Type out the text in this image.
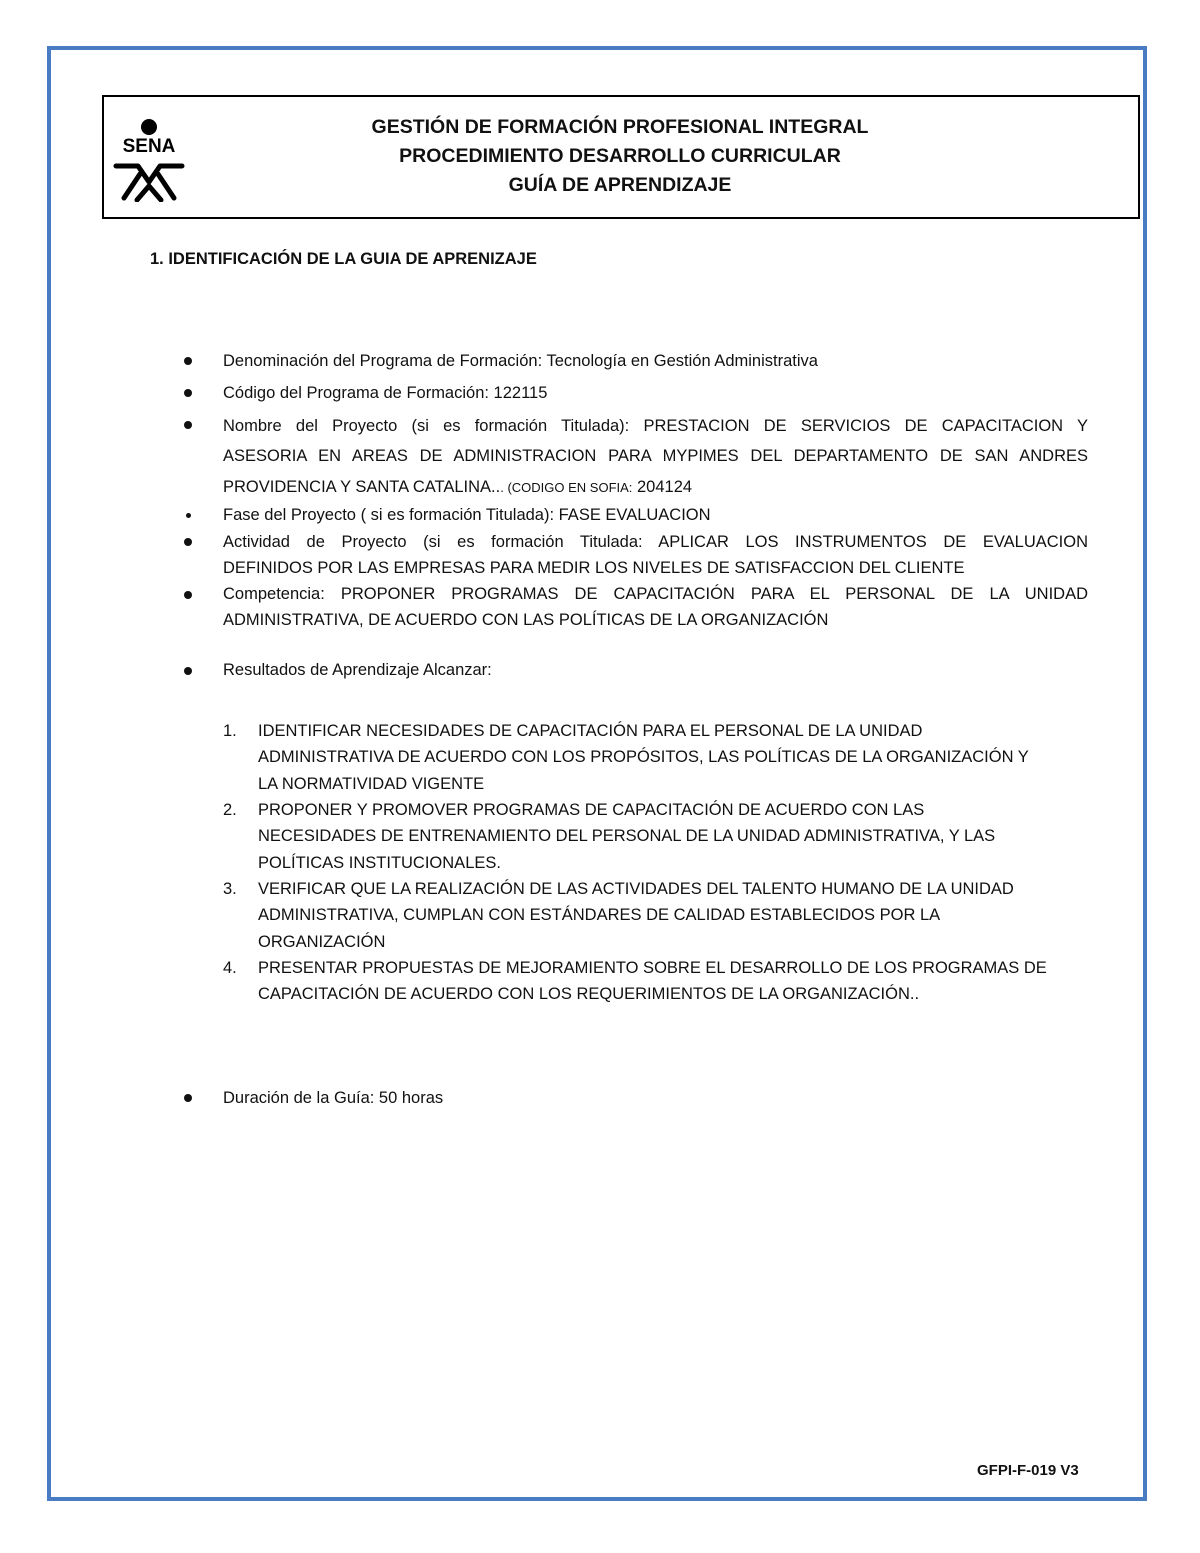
SENA
GESTIÓN DE FORMACIÓN PROFESIONAL INTEGRAL
PROCEDIMIENTO DESARROLLO CURRICULAR
GUÍA DE APRENDIZAJE
1. IDENTIFICACIÓN DE LA GUIA DE APRENIZAJE
Denominación del Programa de Formación: Tecnología en Gestión Administrativa
Código del Programa de Formación: 122115
Nombre del Proyecto (si es formación Titulada): PRESTACION DE SERVICIOS DE CAPACITACION Y
ASESORIA EN AREAS DE ADMINISTRACION PARA MYPIMES DEL DEPARTAMENTO DE SAN ANDRES
PROVIDENCIA Y SANTA CATALINA... (CODIGO EN SOFIA: 204124
Fase del Proyecto ( si es formación Titulada): FASE EVALUACION
Actividad de Proyecto (si es formación Titulada: APLICAR LOS INSTRUMENTOS DE EVALUACION
DEFINIDOS POR LAS EMPRESAS PARA MEDIR LOS NIVELES DE SATISFACCION DEL CLIENTE
Competencia: PROPONER PROGRAMAS DE CAPACITACIÓN PARA EL PERSONAL DE LA UNIDAD
ADMINISTRATIVA, DE ACUERDO CON LAS POLÍTICAS DE LA ORGANIZACIÓN
Resultados de Aprendizaje Alcanzar:
1. IDENTIFICAR NECESIDADES DE CAPACITACIÓN PARA EL PERSONAL DE LA UNIDAD
ADMINISTRATIVA DE ACUERDO CON LOS PROPÓSITOS, LAS POLÍTICAS DE LA ORGANIZACIÓN Y
LA NORMATIVIDAD VIGENTE
2. PROPONER Y PROMOVER PROGRAMAS DE CAPACITACIÓN DE ACUERDO CON LAS
NECESIDADES DE ENTRENAMIENTO DEL PERSONAL DE LA UNIDAD ADMINISTRATIVA, Y LAS
POLÍTICAS INSTITUCIONALES.
3. VERIFICAR QUE LA REALIZACIÓN DE LAS ACTIVIDADES DEL TALENTO HUMANO DE LA UNIDAD
ADMINISTRATIVA, CUMPLAN CON ESTÁNDARES DE CALIDAD ESTABLECIDOS POR LA
ORGANIZACIÓN
4. PRESENTAR PROPUESTAS DE MEJORAMIENTO SOBRE EL DESARROLLO DE LOS PROGRAMAS DE
CAPACITACIÓN DE ACUERDO CON LOS REQUERIMIENTOS DE LA ORGANIZACIÓN..
Duración de la Guía: 50 horas
GFPI-F-019 V3
